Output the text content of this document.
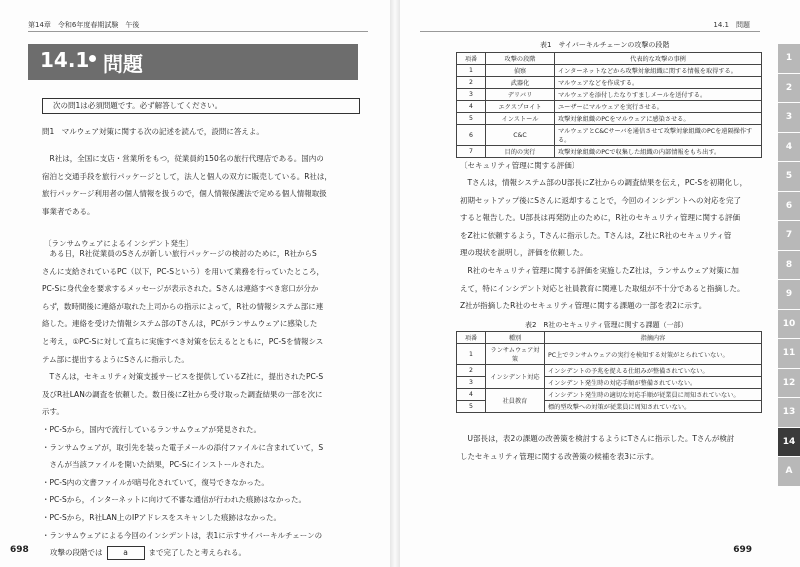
第14章　令和6年度春期試験　午後
14.1 問題
次の問1は必須問題です。必ず解答してください。
問1　マルウェア対策に関する次の記述を読んで，設問に答えよ。

　R社は，全国に支店・営業所をもつ，従業員約150名の旅行代理店である。国内の

宿泊と交通手段を旅行パッケージとして，法人と個人の双方に販売している。R社は，

旅行パッケージ利用者の個人情報を扱うので，個人情報保護法で定める個人情報取扱

事業者である。

〔ランサムウェアによるインシデント発生〕

　ある日，R社従業員のSさんが新しい旅行パッケージの検討のために，R社からS

さんに支給されているPC（以下，PC-Sという）を用いて業務を行っていたところ，

PC-Sに身代金を要求するメッセージが表示された。Sさんは連絡すべき窓口が分か

らず，数時間後に連絡が取れた上司からの指示によって，R社の情報システム部に連

絡した。連絡を受けた情報システム部のTさんは，PCがランサムウェアに感染した

と考え，①PC-Sに対して直ちに実施すべき対策を伝えるとともに，PC-Sを情報シス

テム部に提出するようにSさんに指示した。

　Tさんは，セキュリティ対策支援サービスを提供しているZ社に，提出されたPC-S

及びR社LANの調査を依頼した。数日後にZ社から受け取った調査結果の一部を次に

示す。

・PC-Sから，国内で流行しているランサムウェアが発見された。

・ランサムウェアが，取引先を装った電子メールの添付ファイルに含まれていて，S

　さんが当該ファイルを開いた結果，PC-Sにインストールされた。

・PC-S内の文書ファイルが暗号化されていて，復号できなかった。

・PC-Sから，インターネットに向けて不審な通信が行われた痕跡はなかった。

・PC-Sから，R社LAN上のIPアドレスをスキャンした痕跡はなかった。

・ランサムウェアによる今回のインシデントは，表1に示すサイバーキルチェーンの

攻撃の段階では	a	まで完了したと考えられる。

698
14.1　問題
表1　サイバーキルチェーンの攻撃の段階
項番	攻撃の段階	代表的な攻撃の事例
1	偵察	インターネットなどから攻撃対象組織に関する情報を取得する。
2	武器化	マルウェアなどを作成する。
3	デリバリ	マルウェアを添付したなりすましメールを送付する。
4	エクスプロイト	ユーザーにマルウェアを実行させる。
5	インストール	攻撃対象組織のPCをマルウェアに感染させる。
6	C&C	マルウェアとC&Cサーバを通信させて攻撃対象組織のPCを遠隔操作する。
7	目的の実行	攻撃対象組織のPCで収集した組織の内部情報をもち出す。
〔セキュリティ管理に関する評価〕

　Tさんは，情報システム部のU部長にZ社からの調査結果を伝え，PC-Sを初期化し，

初期セットアップ後にSさんに返却することで，今回のインシデントへの対応を完了

すると報告した。U部長は再発防止のために，R社のセキュリティ管理に関する評価

をZ社に依頼するよう，Tさんに指示した。Tさんは，Z社にR社のセキュリティ管

理の現状を説明し，評価を依頼した。

　R社のセキュリティ管理に関する評価を実施したZ社は，ランサムウェア対策に加

えて，特にインシデント対応と社員教育に関連した取組が不十分であると指摘した。

Z社が指摘したR社のセキュリティ管理に関する課題の一部を表2に示す。

表2　R社のセキュリティ管理に関する課題（一部）
項番	種別	指摘内容
1	ランサムウェア対策	PC上でランサムウェアの実行を検知する対策がとられていない。
2	インシデント対応	インシデントの予兆を捉える仕組みが整備されていない。
3		インシデント発生時の対応手順が整備されていない。
4	社員教育	インシデント発生時の適切な対応手順が従業員に周知されていない。
5		標的型攻撃への対策が従業員に周知されていない。

　U部長は，表2の課題の改善策を検討するようにTさんに指示した。Tさんが検討

したセキュリティ管理に関する改善策の候補を表3に示す。

699
1
2
3
4
5
6
7
8
9
10
11
12
13
14
A
